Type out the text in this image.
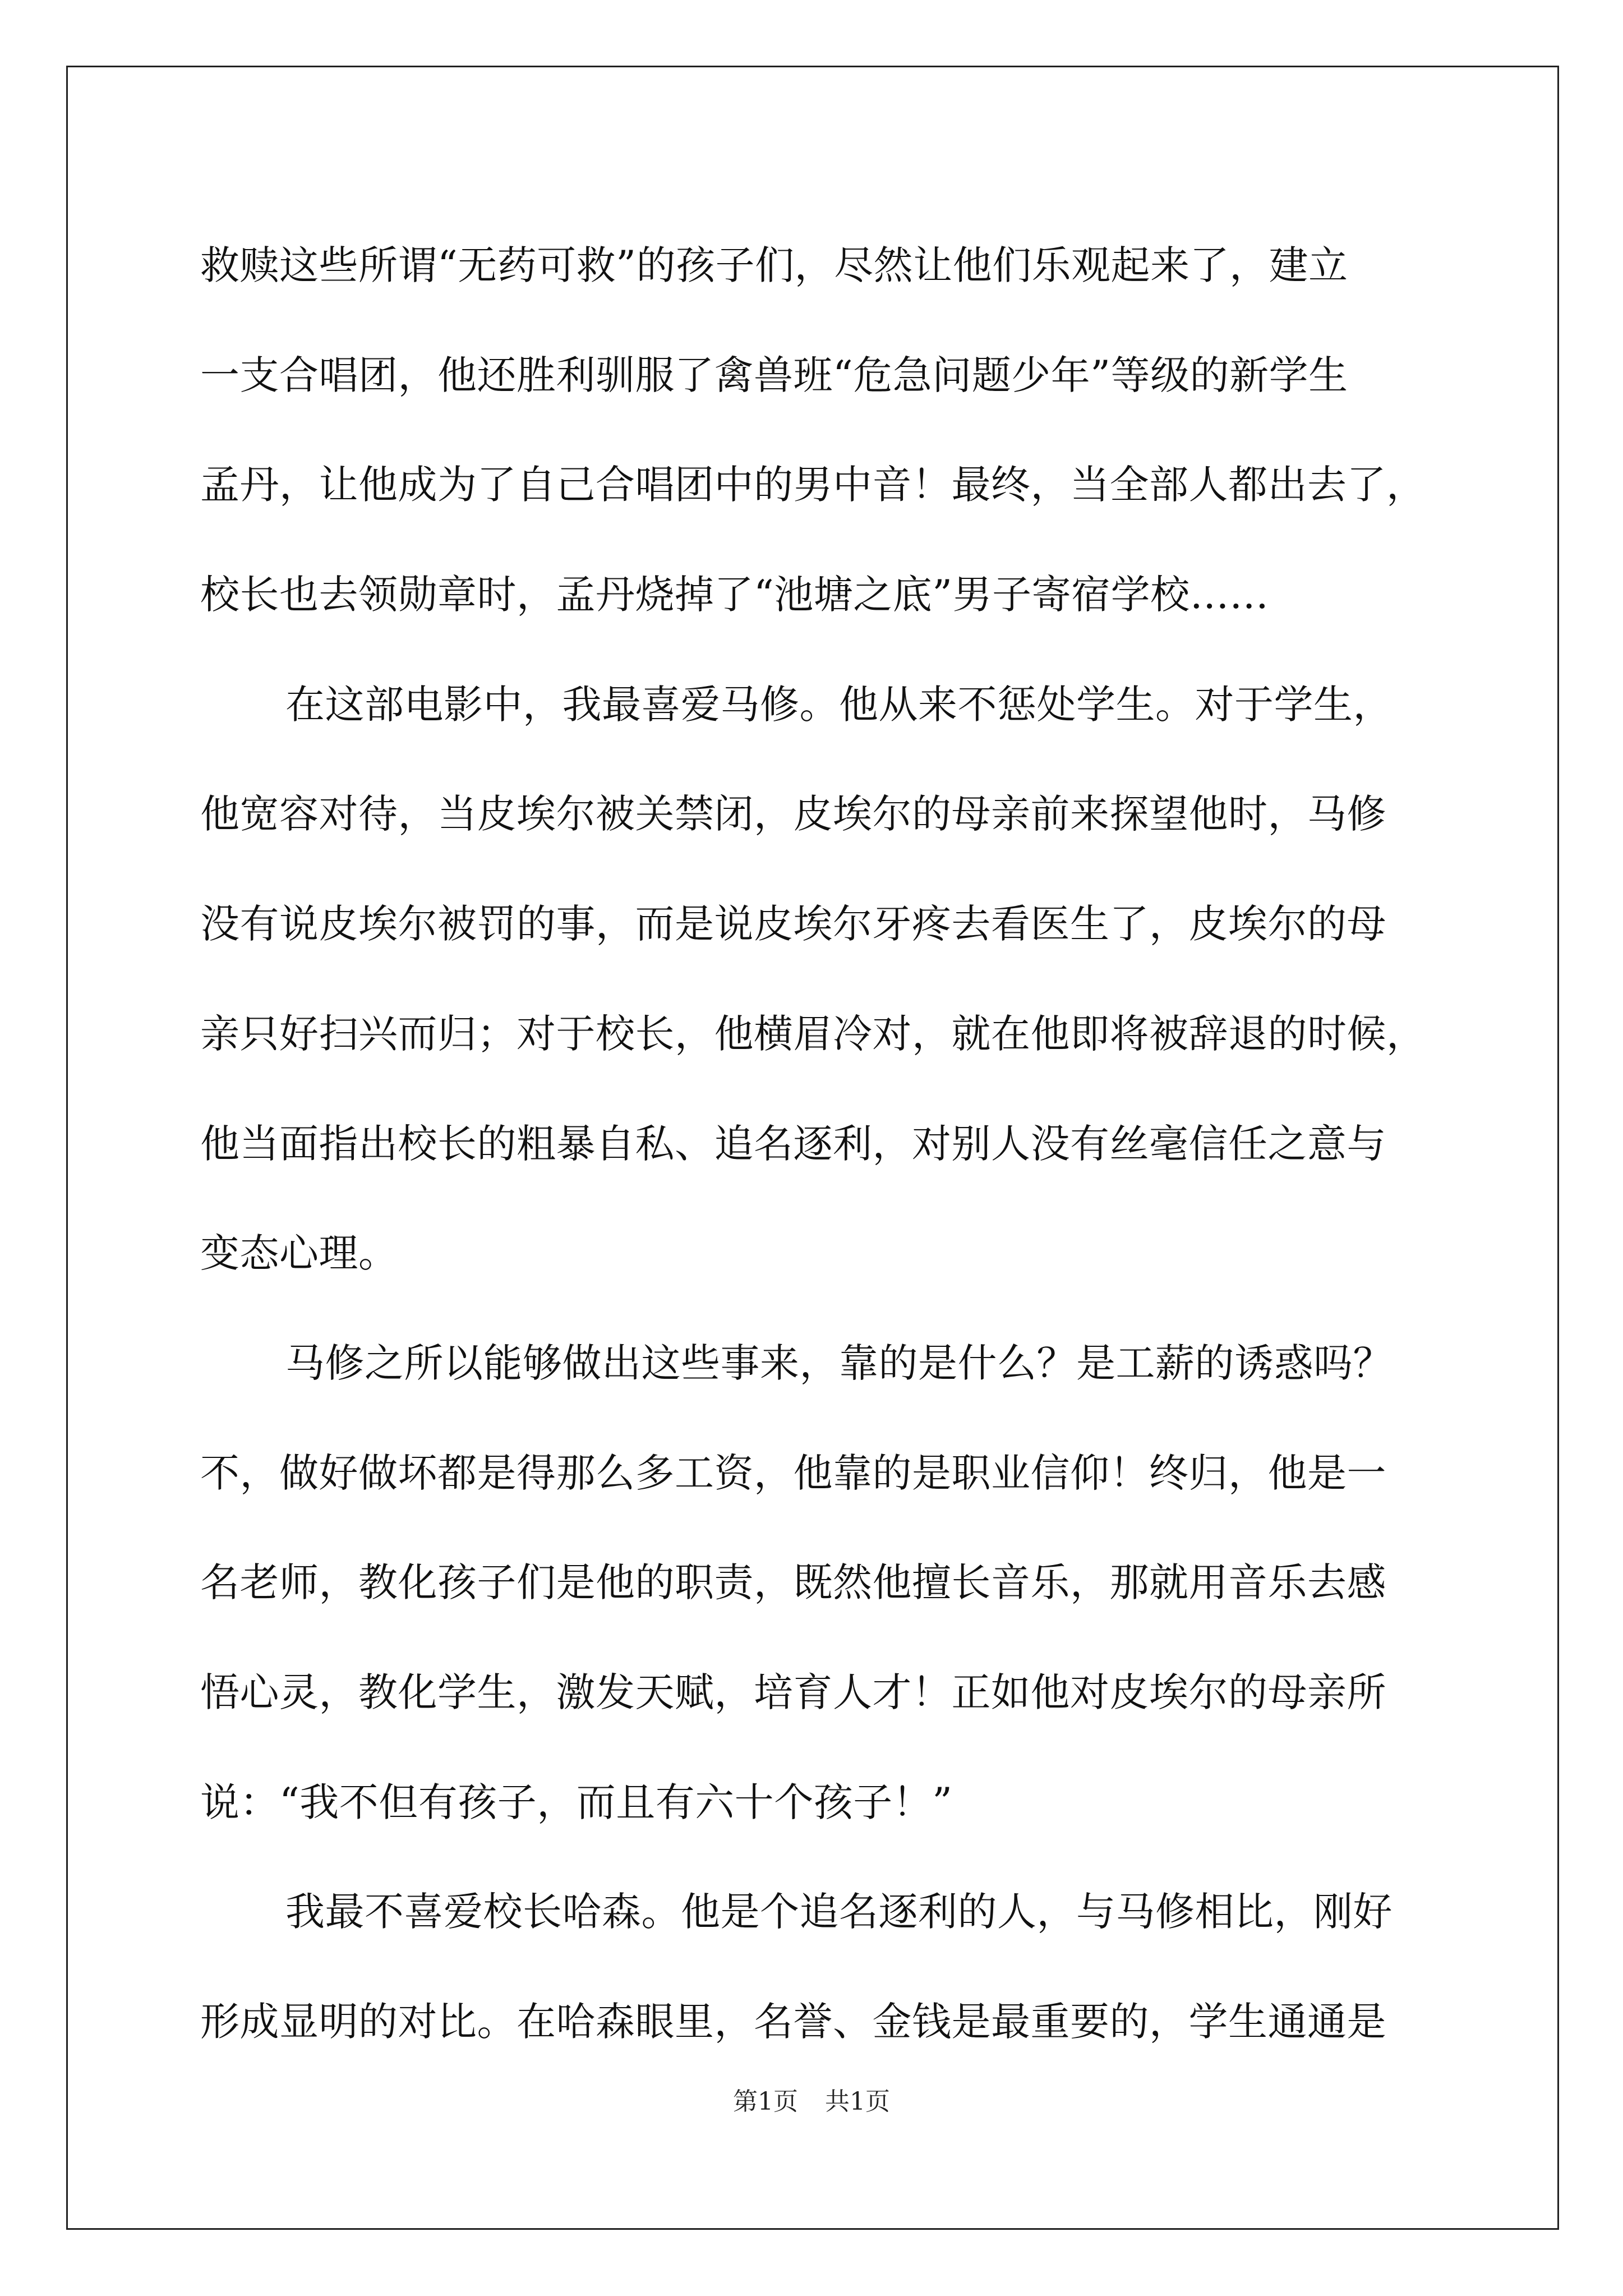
救赎这些所谓“无药可救”的孩子们，尽然让他们乐观起来了，建立
一支合唱团，他还胜利驯服了禽兽班“危急问题少年”等级的新学生
孟丹，让他成为了自己合唱团中的男中音！最终，当全部人都出去了，
校长也去领勋章时，孟丹烧掉了“池塘之底”男子寄宿学校……
在这部电影中，我最喜爱马修。他从来不惩处学生。对于学生，
他宽容对待，当皮埃尔被关禁闭，皮埃尔的母亲前来探望他时，马修
没有说皮埃尔被罚的事，而是说皮埃尔牙疼去看医生了，皮埃尔的母
亲只好扫兴而归；对于校长，他横眉冷对，就在他即将被辞退的时候，
他当面指出校长的粗暴自私、追名逐利，对别人没有丝毫信任之意与
变态心理。
马修之所以能够做出这些事来，靠的是什么？是工薪的诱惑吗？
不，做好做坏都是得那么多工资，他靠的是职业信仰！终归，他是一
名老师，教化孩子们是他的职责，既然他擅长音乐，那就用音乐去感
悟心灵，教化学生，激发天赋，培育人才！正如他对皮埃尔的母亲所
说：“我不但有孩子，而且有六十个孩子！”
我最不喜爱校长哈森。他是个追名逐利的人，与马修相比，刚好
形成显明的对比。在哈森眼里，名誉、金钱是最重要的，学生通通是
第1页 共1页
